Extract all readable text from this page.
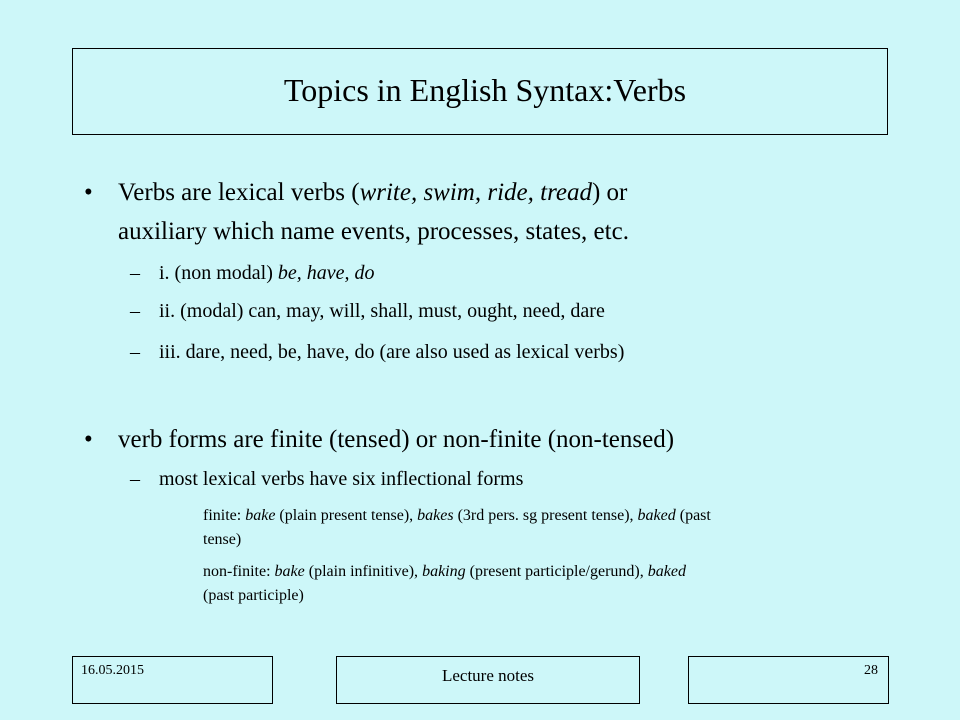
Topics in English Syntax:Verbs
• Verbs are lexical verbs (write, swim, ride, tread) or
auxiliary which name events, processes, states, etc.
– i. (non modal) be, have, do
– ii. (modal) can, may, will, shall, must, ought, need, dare
– iii. dare, need, be, have, do (are also used as lexical verbs)
• verb forms are finite (tensed) or non-finite (non-tensed)
– most lexical verbs have six inflectional forms
finite: bake (plain present tense), bakes (3rd pers. sg present tense), baked (past
tense)
non-finite: bake (plain infinitive), baking (present participle/gerund), baked
(past participle)
16.05.2015	Lecture notes	28
